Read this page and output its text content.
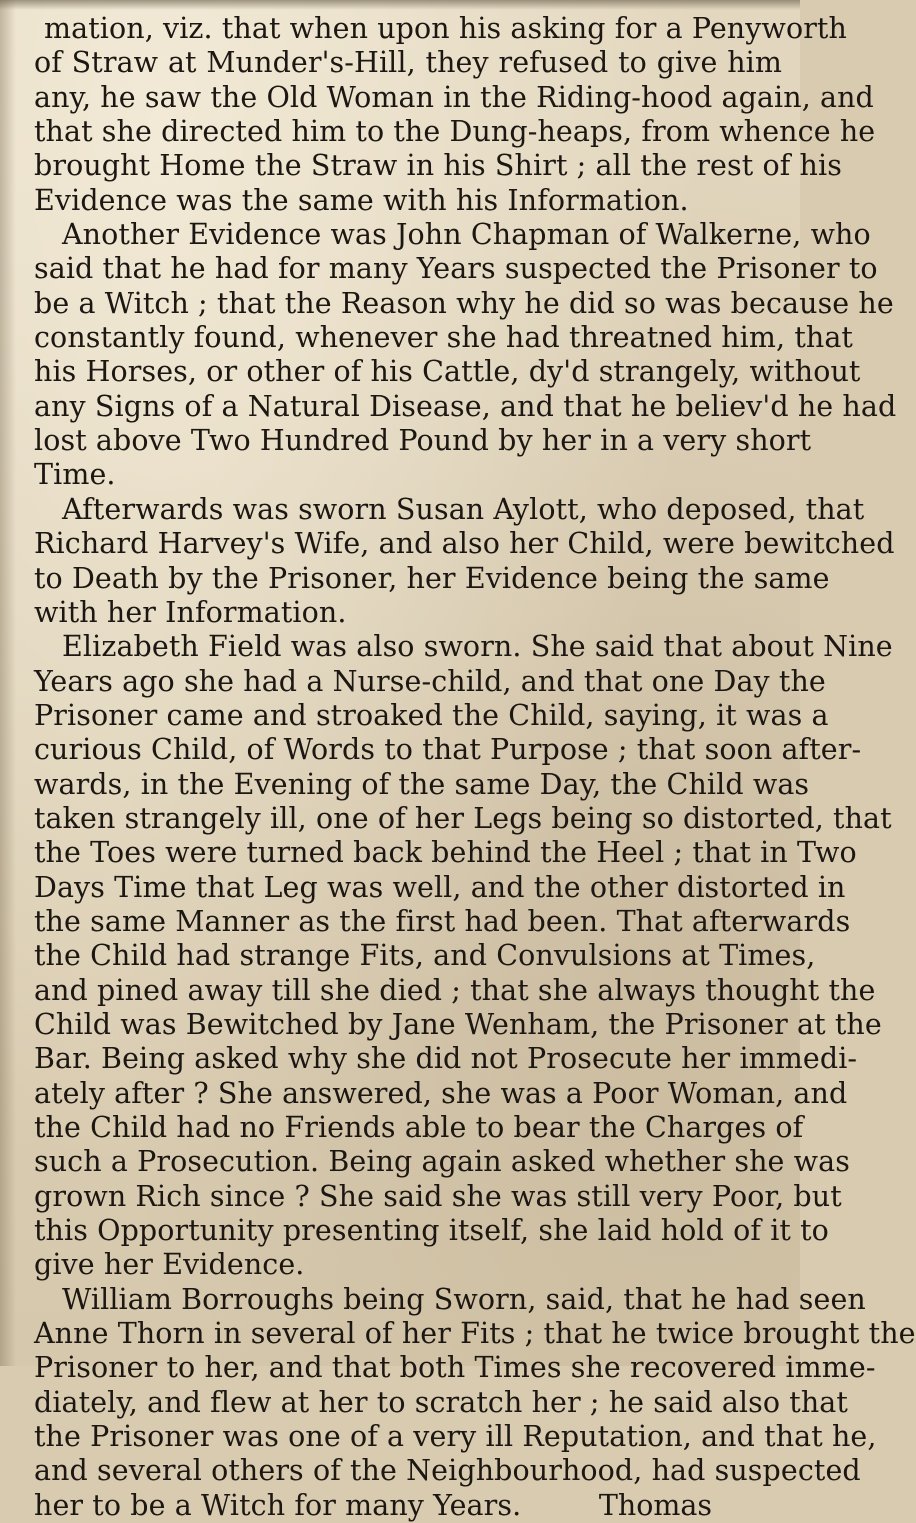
mation, viz. that when upon his asking for a Penyworth
of Straw at Munder's-Hill, they refused to give him
any, he saw the Old Woman in the Riding-hood again, and
that she directed him to the Dung-heaps, from whence he
brought Home the Straw in his Shirt ; all the rest of his
Evidence was the same with his Information.
Another Evidence was John Chapman of Walkerne, who
said that he had for many Years suspected the Prisoner to
be a Witch ; that the Reason why he did so was because he
constantly found, whenever she had threatned him, that
his Horses, or other of his Cattle, dy'd strangely, without
any Signs of a Natural Disease, and that he believ'd he had
lost above Two Hundred Pound by her in a very short
Time.
Afterwards was sworn Susan Aylott, who deposed, that
Richard Harvey's Wife, and also her Child, were bewitched
to Death by the Prisoner, her Evidence being the same
with her Information.
Elizabeth Field was also sworn. She said that about Nine
Years ago she had a Nurse-child, and that one Day the
Prisoner came and stroaked the Child, saying, it was a
curious Child, of Words to that Purpose ; that soon after-
wards, in the Evening of the same Day, the Child was
taken strangely ill, one of her Legs being so distorted, that
the Toes were turned back behind the Heel ; that in Two
Days Time that Leg was well, and the other distorted in
the same Manner as the first had been. That afterwards
the Child had strange Fits, and Convulsions at Times,
and pined away till she died ; that she always thought the
Child was Bewitched by Jane Wenham, the Prisoner at the
Bar. Being asked why she did not Prosecute her immedi-
ately after ? She answered, she was a Poor Woman, and
the Child had no Friends able to bear the Charges of
such a Prosecution. Being again asked whether she was
grown Rich since ? She said she was still very Poor, but
this Opportunity presenting itself, she laid hold of it to
give her Evidence.
William Borroughs being Sworn, said, that he had seen
Anne Thorn in several of her Fits ; that he twice brought the
Prisoner to her, and that both Times she recovered imme-
diately, and flew at her to scratch her ; he said also that
the Prisoner was one of a very ill Reputation, and that he,
and several others of the Neighbourhood, had suspected
her to be a Witch for many Years.	Thomas
